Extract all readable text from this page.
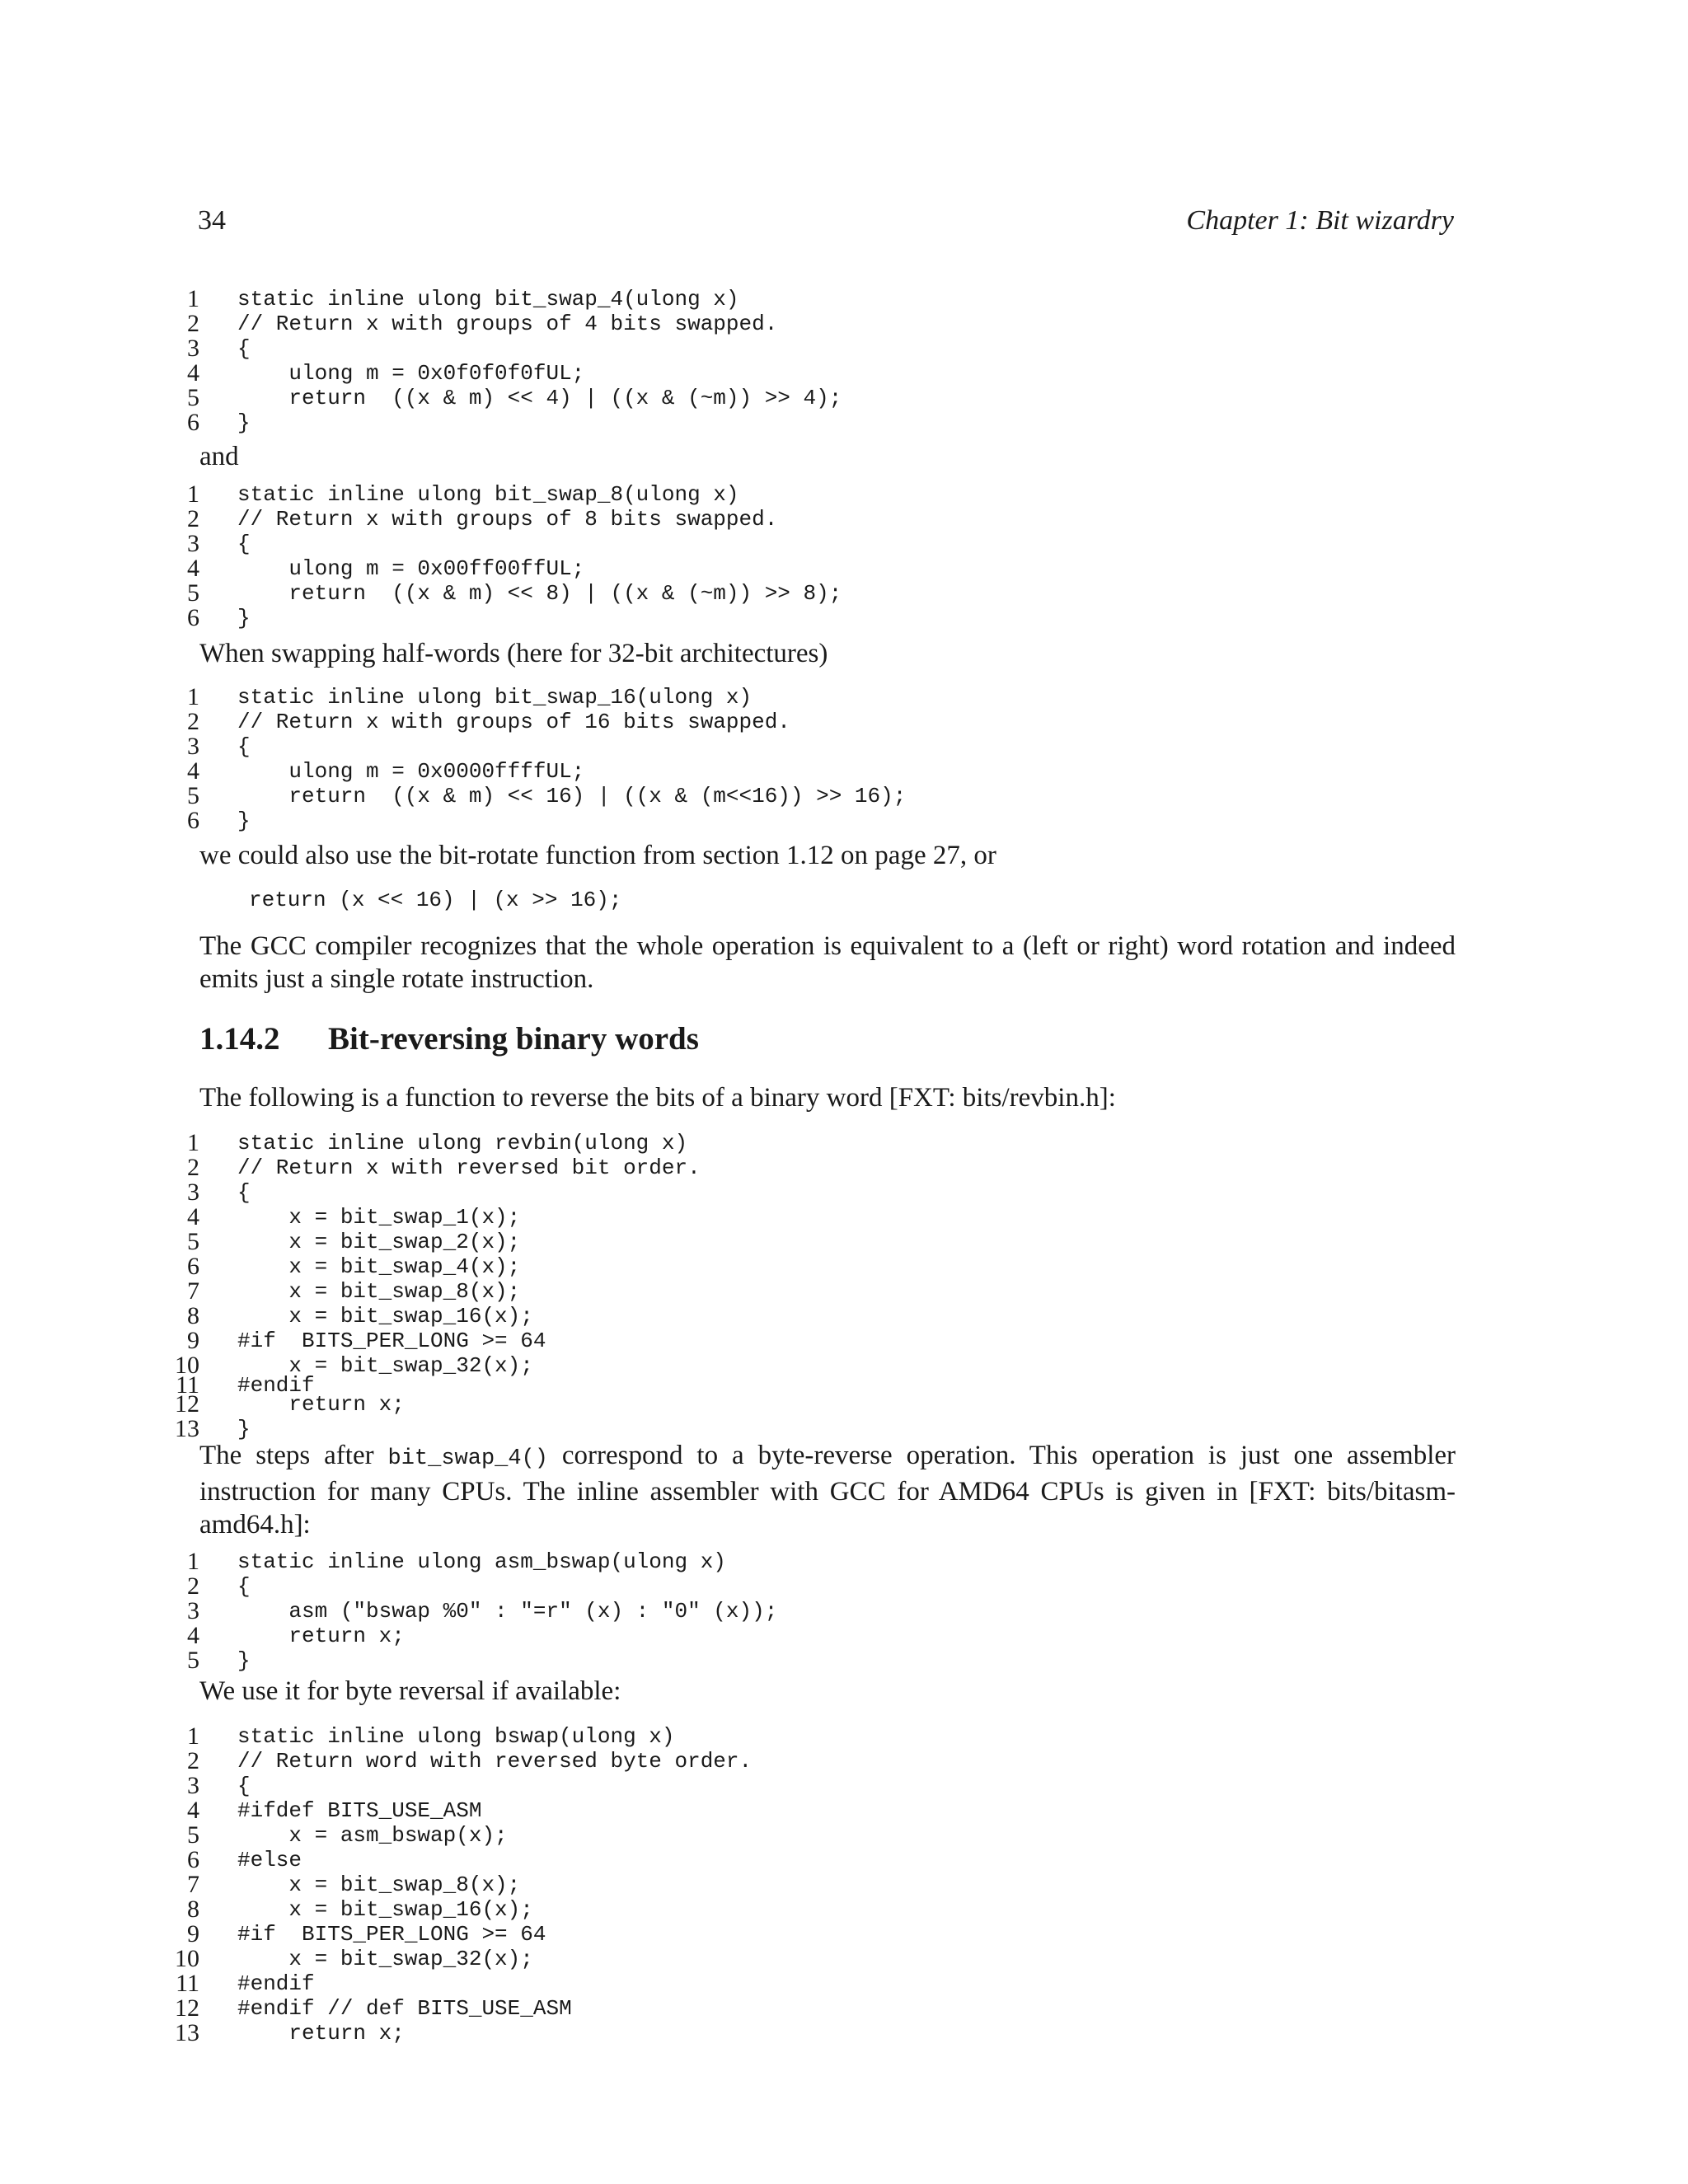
34	Chapter 1: Bit wizardry
1 static inline ulong bit_swap_4(ulong x)
2 // Return x with groups of 4 bits swapped.
3 {
4 ulong m = 0x0f0f0f0fUL;
5 return  ((x & m) << 4) | ((x & (~m)) >> 4);
6 }
and
1 static inline ulong bit_swap_8(ulong x)
2 // Return x with groups of 8 bits swapped.
3 {
4 ulong m = 0x00ff00ffUL;
5 return  ((x & m) << 8) | ((x & (~m)) >> 8);
6 }
When swapping half-words (here for 32-bit architectures)
1 static inline ulong bit_swap_16(ulong x)
2 // Return x with groups of 16 bits swapped.
3 {
4 ulong m = 0x0000ffffUL;
5 return  ((x & m) << 16) | ((x & (m<<16)) >> 16);
6 }
we could also use the bit-rotate function from section 1.12 on page 27, or
return (x << 16) | (x >> 16);
The GCC compiler recognizes that the whole operation is equivalent to a (left or right) word rotation and indeed emits just a single rotate instruction.
1.14.2 Bit-reversing binary words
The following is a function to reverse the bits of a binary word [FXT: bits/revbin.h]:
1 static inline ulong revbin(ulong x)
2 // Return x with reversed bit order.
3 {
4 x = bit_swap_1(x);
5 x = bit_swap_2(x);
6 x = bit_swap_4(x);
7 x = bit_swap_8(x);
8 x = bit_swap_16(x);
9 #if  BITS_PER_LONG >= 64
10 x = bit_swap_32(x);
11 #endif
12 return x;
13 }
The steps after bit_swap_4() correspond to a byte-reverse operation. This operation is just one assembler instruction for many CPUs. The inline assembler with GCC for AMD64 CPUs is given in [FXT: bits/bitasm-amd64.h]:
1 static inline ulong asm_bswap(ulong x)
2 {
3 asm ("bswap %0" : "=r" (x) : "0" (x));
4 return x;
5 }
We use it for byte reversal if available:
1 static inline ulong bswap(ulong x)
2 // Return word with reversed byte order.
3 {
4 #ifdef BITS_USE_ASM
5 x = asm_bswap(x);
6 #else
7 x = bit_swap_8(x);
8 x = bit_swap_16(x);
9 #if  BITS_PER_LONG >= 64
10 x = bit_swap_32(x);
11 #endif
12 #endif // def BITS_USE_ASM
13 return x;
